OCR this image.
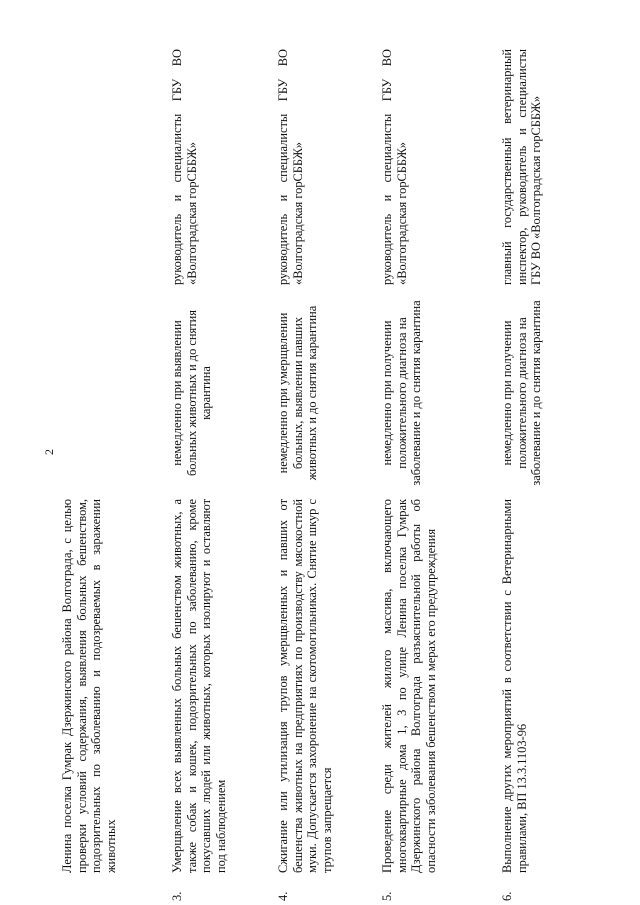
2
Ленина поселка Гумрак Дзержинского района Волгограда, с целью проверки условий содержания, выявления больных бешенством, подозрительных по заболеванию и подозреваемых в заражении животных
3.
Умерщвление всех выявленных больных бешенством животных, а также собак и кошек, подозрительных по заболеванию, кроме покусавших людей или животных, которых изолируют и оставляют под наблюдением
немедленно при выявлении больных животных и до снятия карантина
руководитель и специалисты ГБУ ВО «Волгоградская горСББЖ»
4.
Сжигание или утилизация трупов умерщвленных и павших от бешенства животных на предприятиях по производству мясокостной муки. Допускается захоронение на скотомогильниках. Снятие шкур с трупов запрещается
немедленно при умерщвлении больных, выявлении павших животных и до снятия карантина
руководитель и специалисты ГБУ ВО «Волгоградская горСББЖ»
5.
Проведение среди жителей жилого массива, включающего многоквартирные дома 1, 3 по улице Ленина поселка Гумрак Дзержинского района Волгограда разъяснительной работы об опасности заболевания бешенством и мерах его предупреждения
немедленно при получении положительного диагноза на заболевание и до снятия карантина
руководитель и специалисты ГБУ ВО «Волгоградская горСББЖ»
6.
Выполнение других мероприятий в соответствии с Ветеринарными правилами, ВП 13.3.1103-96
немедленно при получении положительного диагноза на заболевание и до снятия карантина
главный государственный ветеринарный инспектор, руководитель и специалисты ГБУ ВО «Волгоградская горСББЖ»
